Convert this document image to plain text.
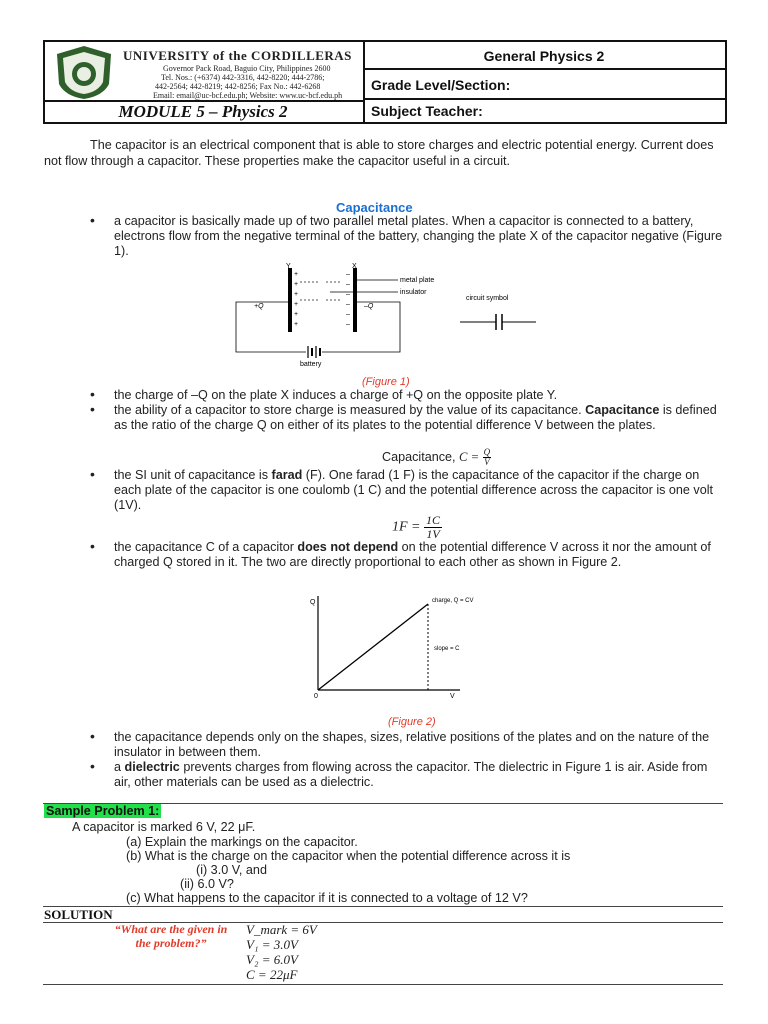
UNIVERSITY of the CORDILLERAS
Governor Pack Road, Baguio City, Philippines 2600
Tel. Nos.: (+6374) 442-3316, 442-8220; 444-2786;
442-2564; 442-8219; 442-8256; Fax No.: 442-6268
Email: email@uc-bcf.edu.ph; Website: www.uc-bcf.edu.ph
MODULE 5 – Physics 2
General Physics 2
Grade Level/Section:
Subject Teacher:
The capacitor is an electrical component that is able to store charges and electric potential energy. Current does not flow through a capacitor. These properties make the capacitor useful in a circuit.
Capacitance
• a capacitor is basically made up of two parallel metal plates. When a capacitor is connected to a battery, electrons flow from the negative terminal of the battery, changing the plate X of the capacitor negative (Figure 1).
Y	X
+
+
+
+
+
+
–
–
–
–
–
–
metal plate
insulator
circuit symbol
+Q	–Q
battery
(Figure 1)
• the charge of –Q on the plate X induces a charge of +Q on the opposite plate Y.
• the ability of a capacitor to store charge is measured by the value of its capacitance. Capacitance is defined as the ratio of the charge Q on either of its plates to the potential difference V between the plates.
Capacitance, $C = \frac{Q}{V}$
• the SI unit of capacitance is farad (F). One farad (1 F) is the capacitance of the capacitor if the charge on each plate of the capacitor is one coulomb (1 C) and the potential difference across the capacitor is one volt (1V).
$1F = \frac{1C}{1V}$
• the capacitance C of a capacitor does not depend on the potential difference V across it nor the amount of charged Q stored in it. The two are directly proportional to each other as shown in Figure 2.
Q
V
0
charge, Q = CV
slope = C
(Figure 2)
• the capacitance depends only on the shapes, sizes, relative positions of the plates and on the nature of the insulator in between them.
• a dielectric prevents charges from flowing across the capacitor. The dielectric in Figure 1 is air. Aside from air, other materials can be used as a dielectric.
Sample Problem 1:
A capacitor is marked 6 V, 22 μF.
(a) Explain the markings on the capacitor.
(b) What is the charge on the capacitor when the potential difference across it is
(i) 3.0 V, and
(ii) 6.0 V?
(c) What happens to the capacitor if it is connected to a voltage of 12 V?
SOLUTION
“What are the given in
the problem?”
V_mark = 6V
V₁ = 3.0V
V₂ = 6.0V
C = 22μF
